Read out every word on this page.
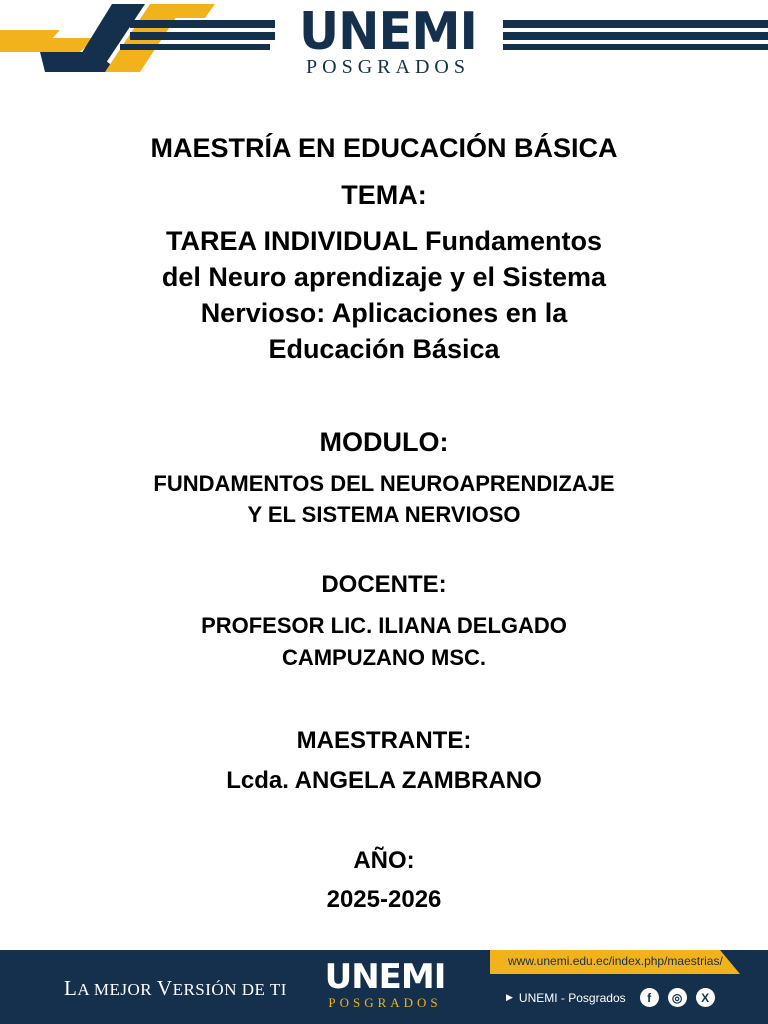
UNEMI
POSGRADOS
MAESTRÍA EN EDUCACIÓN BÁSICA
TEMA:
TAREA INDIVIDUAL Fundamentos
del Neuro aprendizaje y el Sistema
Nervioso: Aplicaciones en la
Educación Básica
MODULO:
FUNDAMENTOS DEL NEUROAPRENDIZAJE
Y EL SISTEMA NERVIOSO
DOCENTE:
PROFESOR LIC. ILIANA DELGADO
CAMPUZANO MSC.
MAESTRANTE:
Lcda. ANGELA ZAMBRANO
AÑO:
2025-2026
LA MEJOR VERSIÓN DE TI UNEMI
POSGRADOS
www.unemi.edu.ec/index.php/maestrias/
▶ UNEMI - Posgrados	f	◎	X
